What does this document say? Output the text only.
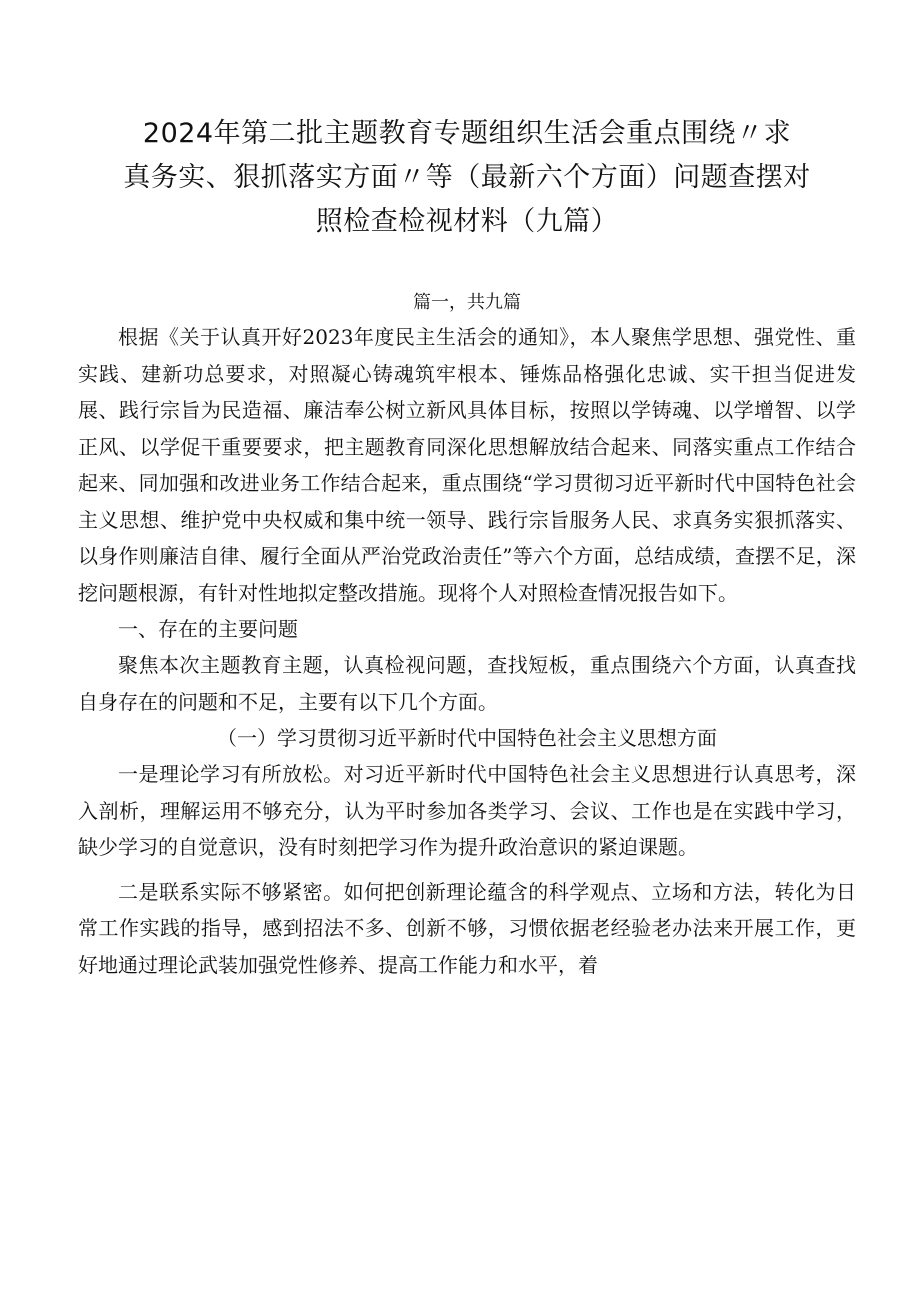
2024年第二批主题教育专题组织生活会重点围绕〃求
真务实、狠抓落实方面〃等（最新六个方面）问题查摆对
照检查检视材料（九篇）

篇一，共九篇

根据《关于认真开好2023年度民主生活会的通知》，本人聚焦学思想、强党性、重实践、建新功总要求，对照凝心铸魂筑牢根本、锤炼品格强化忠诚、实干担当促进发展、践行宗旨为民造福、廉洁奉公树立新风具体目标，按照以学铸魂、以学增智、以学正风、以学促干重要要求，把主题教育同深化思想解放结合起来、同落实重点工作结合起来、同加强和改进业务工作结合起来，重点围绕“学习贯彻习近平新时代中国特色社会主义思想、维护党中央权威和集中统一领导、践行宗旨服务人民、求真务实狠抓落实、以身作则廉洁自律、履行全面从严治党政治责任”等六个方面，总结成绩，查摆不足，深挖问题根源，有针对性地拟定整改措施。现将个人对照检查情况报告如下。

一、存在的主要问题

聚焦本次主题教育主题，认真检视问题，查找短板，重点围绕六个方面，认真查找自身存在的问题和不足，主要有以下几个方面。

（一）学习贯彻习近平新时代中国特色社会主义思想方面

一是理论学习有所放松。对习近平新时代中国特色社会主义思想进行认真思考，深入剖析，理解运用不够充分，认为平时参加各类学习、会议、工作也是在实践中学习，缺少学习的自觉意识，没有时刻把学习作为提升政治意识的紧迫课题。

二是联系实际不够紧密。如何把创新理论蕴含的科学观点、立场和方法，转化为日常工作实践的指导，感到招法不多、创新不够，习惯依据老经验老办法来开展工作，更好地通过理论武装加强党性修养、提高工作能力和水平，着
